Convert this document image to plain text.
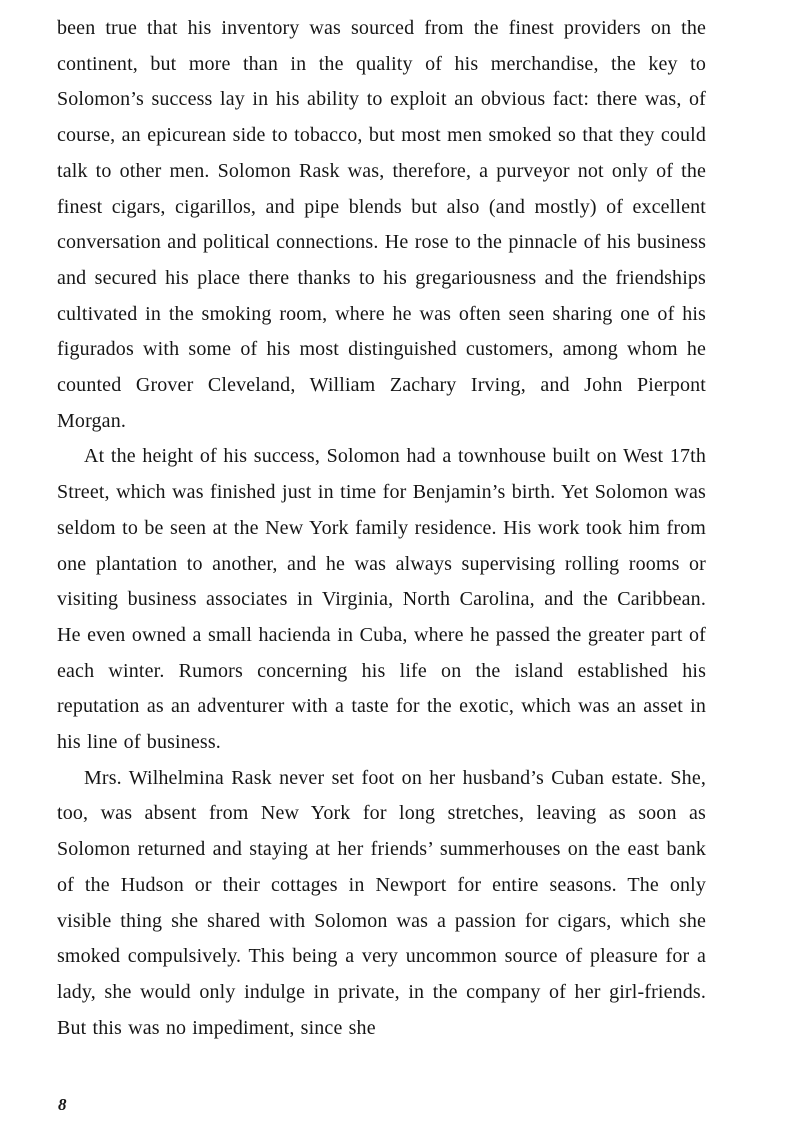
been true that his inventory was sourced from the finest providers on the continent, but more than in the quality of his merchandise, the key to Solomon’s success lay in his ability to exploit an obvious fact: there was, of course, an epicurean side to tobacco, but most men smoked so that they could talk to other men. Solomon Rask was, therefore, a purveyor not only of the finest cigars, cigarillos, and pipe blends but also (and mostly) of excellent conversation and political connections. He rose to the pinnacle of his business and secured his place there thanks to his gregariousness and the friendships cultivated in the smoking room, where he was often seen sharing one of his figurados with some of his most distinguished customers, among whom he counted Grover Cleveland, William Zachary Irving, and John Pierpont Morgan.

At the height of his success, Solomon had a townhouse built on West 17th Street, which was finished just in time for Benjamin’s birth. Yet Solomon was seldom to be seen at the New York family residence. His work took him from one plantation to another, and he was always supervising rolling rooms or visiting business associates in Virginia, North Carolina, and the Caribbean. He even owned a small hacienda in Cuba, where he passed the greater part of each winter. Rumors concerning his life on the island established his reputation as an adventurer with a taste for the exotic, which was an asset in his line of business.

Mrs. Wilhelmina Rask never set foot on her husband’s Cuban estate. She, too, was absent from New York for long stretches, leaving as soon as Solomon returned and staying at her friends’ summerhouses on the east bank of the Hudson or their cottages in Newport for entire seasons. The only visible thing she shared with Solomon was a passion for cigars, which she smoked compulsively. This being a very uncommon source of pleasure for a lady, she would only indulge in private, in the company of her girl-friends. But this was no impediment, since she

8
